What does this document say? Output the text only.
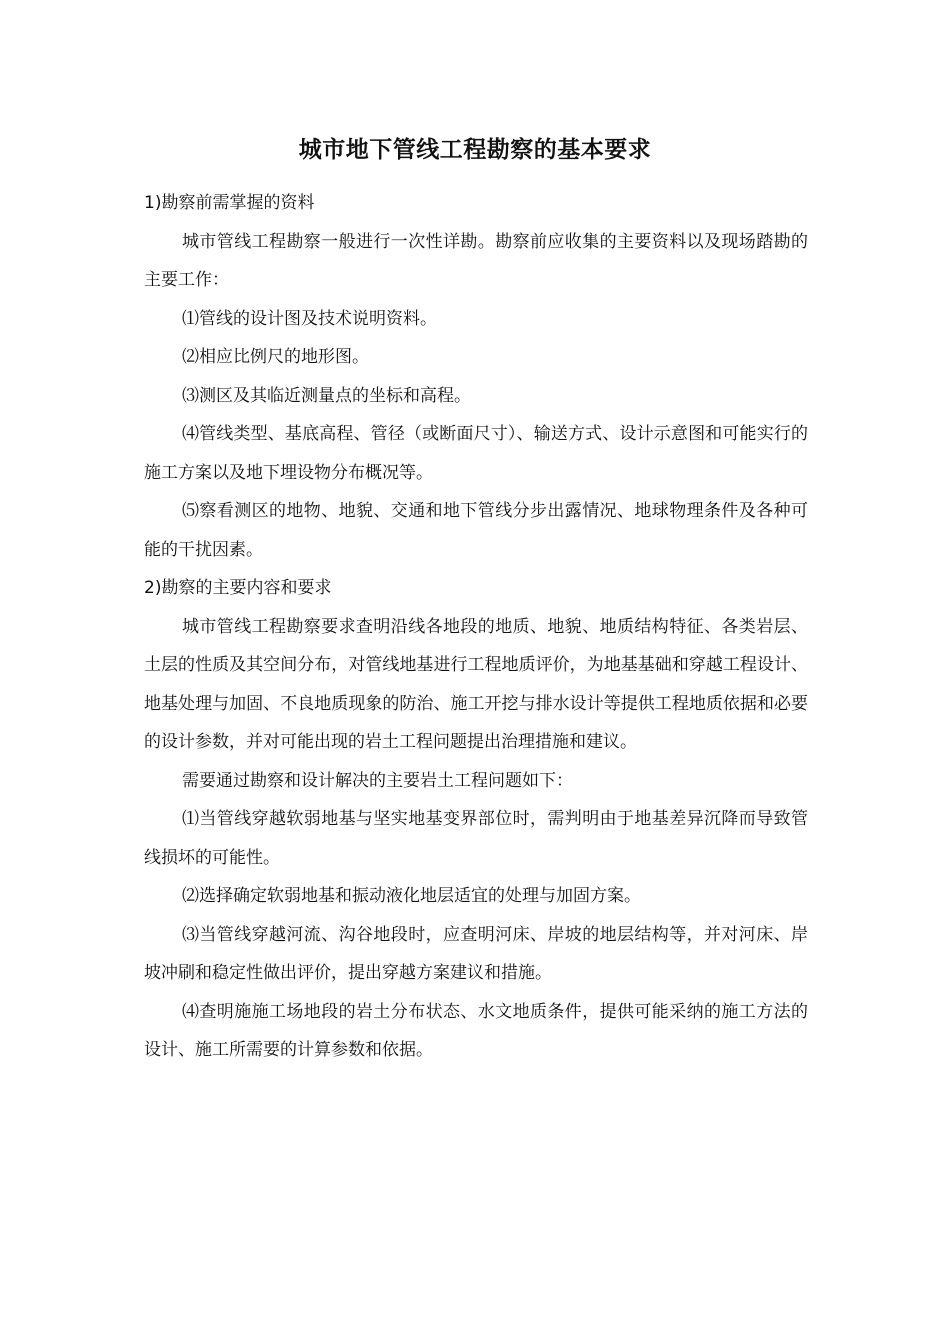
城市地下管线工程勘察的基本要求

1)勘察前需掌握的资料

城市管线工程勘察一般进行一次性详勘。勘察前应收集的主要资料以及现场踏勘的主要工作：

⑴管线的设计图及技术说明资料。

⑵相应比例尺的地形图。

⑶测区及其临近测量点的坐标和高程。

⑷管线类型、基底高程、管径（或断面尺寸）、输送方式、设计示意图和可能实行的施工方案以及地下埋设物分布概况等。

⑸察看测区的地物、地貌、交通和地下管线分步出露情况、地球物理条件及各种可能的干扰因素。

2)勘察的主要内容和要求

城市管线工程勘察要求查明沿线各地段的地质、地貌、地质结构特征、各类岩层、土层的性质及其空间分布，对管线地基进行工程地质评价，为地基基础和穿越工程设计、地基处理与加固、不良地质现象的防治、施工开挖与排水设计等提供工程地质依据和必要的设计参数，并对可能出现的岩土工程问题提出治理措施和建议。

需要通过勘察和设计解决的主要岩土工程问题如下：

⑴当管线穿越软弱地基与坚实地基变界部位时，需判明由于地基差异沉降而导致管线损坏的可能性。

⑵选择确定软弱地基和振动液化地层适宜的处理与加固方案。

⑶当管线穿越河流、沟谷地段时，应查明河床、岸坡的地层结构等，并对河床、岸坡冲刷和稳定性做出评价，提出穿越方案建议和措施。

⑷查明施施工场地段的岩土分布状态、水文地质条件，提供可能采纳的施工方法的设计、施工所需要的计算参数和依据。
